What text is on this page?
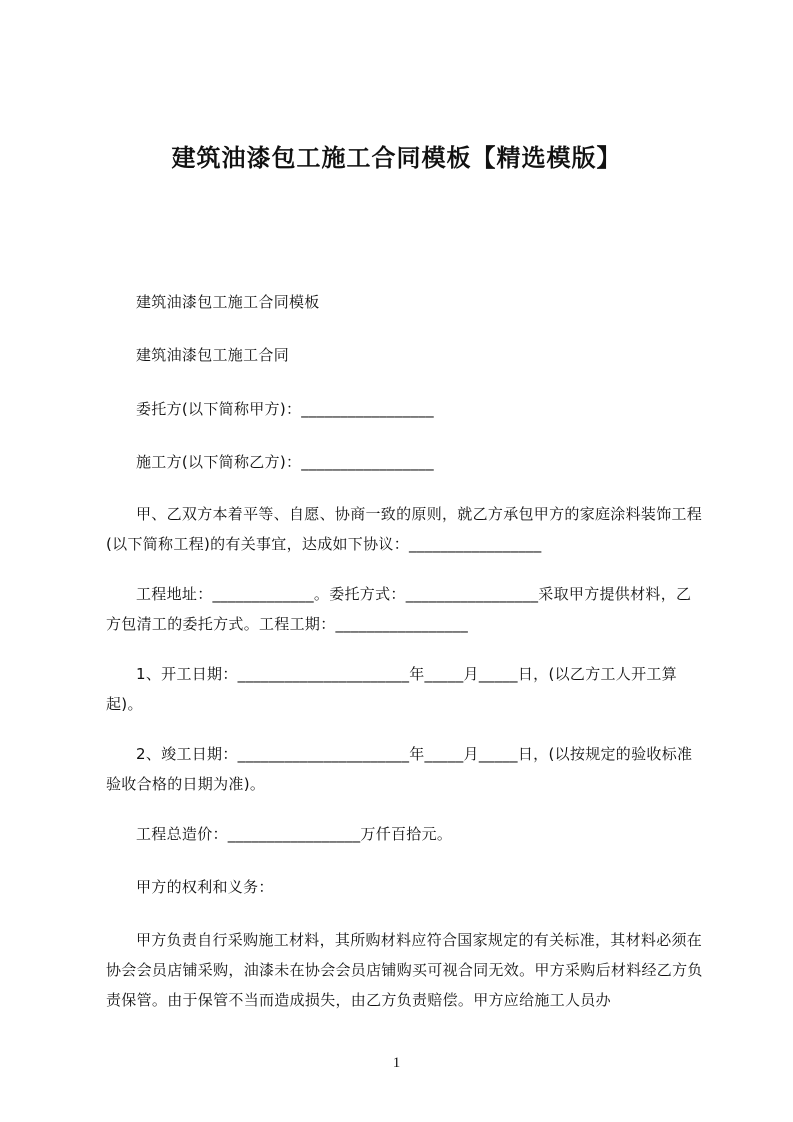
建筑油漆包工施工合同模板【精选模版】
建筑油漆包工施工合同模板
建筑油漆包工施工合同
委托方(以下简称甲方)：_________________
施工方(以下简称乙方)：_________________
甲、乙双方本着平等、自愿、协商一致的原则，就乙方承包甲方的家庭涂料装饰工程(以下简称工程)的有关事宜，达成如下协议：_________________
工程地址：_____________。委托方式：_________________采取甲方提供材料，乙方包清工的委托方式。工程工期：_________________
1、开工日期：______________________年_____月_____日，(以乙方工人开工算起)。
2、竣工日期：______________________年_____月_____日，(以按规定的验收标准验收合格的日期为准)。
工程总造价：_________________万仟百拾元。
甲方的权利和义务：
甲方负责自行采购施工材料，其所购材料应符合国家规定的有关标准，其材料必须在协会会员店铺采购，油漆未在协会会员店铺购买可视合同无效。甲方采购后材料经乙方负责保管。由于保管不当而造成损失，由乙方负责赔偿。甲方应给施工人员办
1
